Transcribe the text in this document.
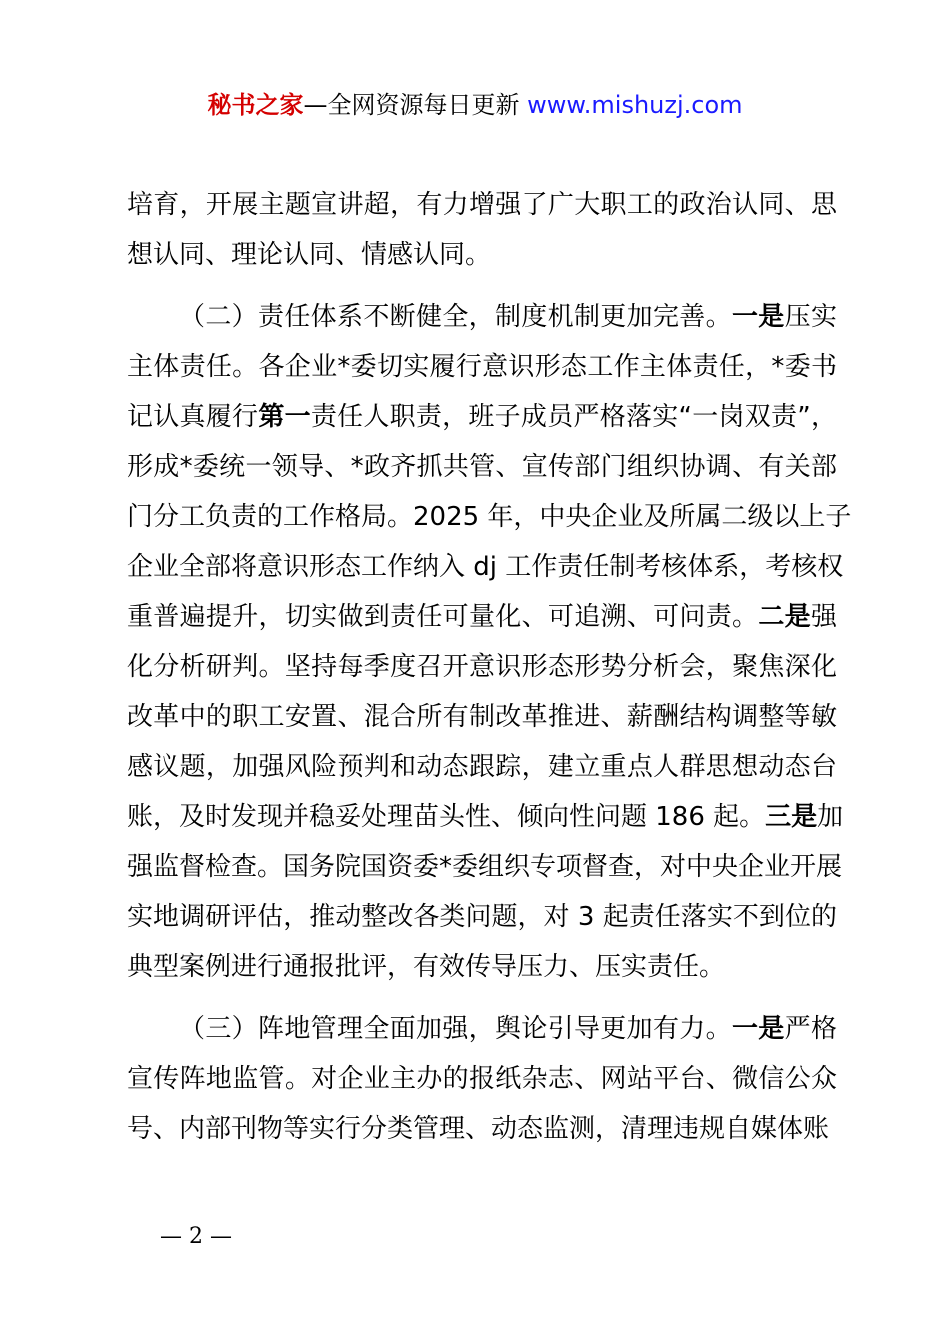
秘书之家—全网资源每日更新 www.mishuzj.com
培育，开展主题宣讲超，有力增强了广大职工的政治认同、思
想认同、理论认同、情感认同。
（二）责任体系不断健全，制度机制更加完善。一是压实
主体责任。各企业*委切实履行意识形态工作主体责任，*委书
记认真履行第一责任人职责，班子成员严格落实“一岗双责”，
形成*委统一领导、*政齐抓共管、宣传部门组织协调、有关部
门分工负责的工作格局。2025 年，中央企业及所属二级以上子
企业全部将意识形态工作纳入 dj 工作责任制考核体系，考核权
重普遍提升，切实做到责任可量化、可追溯、可问责。二是强
化分析研判。坚持每季度召开意识形态形势分析会，聚焦深化
改革中的职工安置、混合所有制改革推进、薪酬结构调整等敏
感议题，加强风险预判和动态跟踪，建立重点人群思想动态台
账，及时发现并稳妥处理苗头性、倾向性问题 186 起。三是加
强监督检查。国务院国资委*委组织专项督查，对中央企业开展
实地调研评估，推动整改各类问题，对 3 起责任落实不到位的
典型案例进行通报批评，有效传导压力、压实责任。
（三）阵地管理全面加强，舆论引导更加有力。一是严格
宣传阵地监管。对企业主办的报纸杂志、网站平台、微信公众
号、内部刊物等实行分类管理、动态监测，清理违规自媒体账
— 2 —
